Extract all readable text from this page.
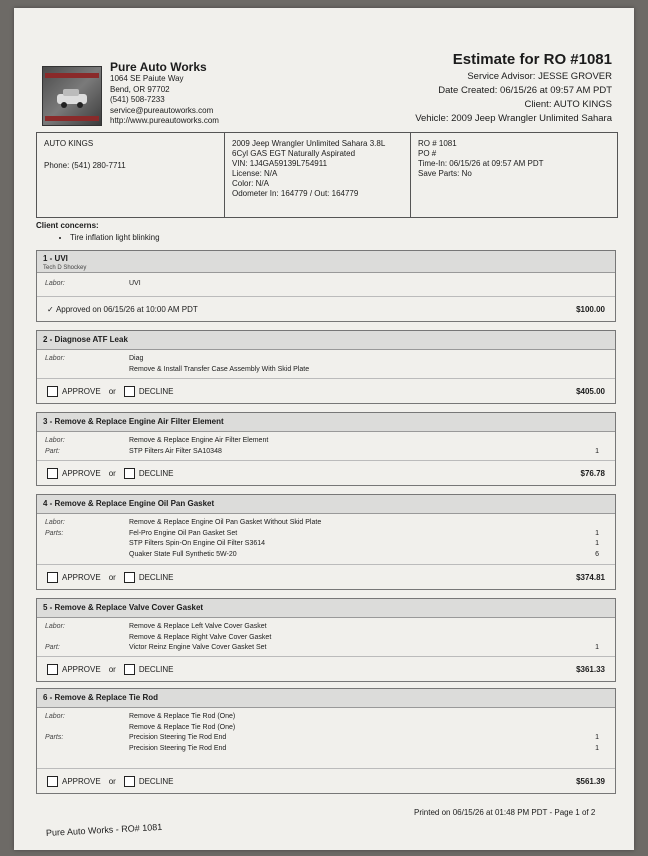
Pure Auto Works
1064 SE Paiute Way
Bend, OR 97702
(541) 508-7233
service@pureautoworks.com
http://www.pureautoworks.com
Estimate for RO #1081
Service Advisor: JESSE GROVER
Date Created: 06/15/26 at 09:57 AM PDT
Client: AUTO KINGS
Vehicle: 2009 Jeep Wrangler Unlimited Sahara
AUTO KINGS
Phone: (541) 280-7711
2009 Jeep Wrangler Unlimited Sahara 3.8L
6Cyl GAS EGT Naturally Aspirated
VIN: 1J4GA59139L754911
License: N/A
Color: N/A
Odometer In: 164779 / Out: 164779
RO # 1081
PO #
Time-In: 06/15/26 at 09:57 AM PDT
Save Parts: No
Client concerns:
• Tire inflation light blinking
1 - UVI
Tech D Shockey
Labor:	UVI
✓ Approved on 06/15/26 at 10:00 AM PDT	$100.00
2 - Diagnose ATF Leak
Labor:	Diag
Remove & Install Transfer Case Assembly With Skid Plate
APPROVE or	DECLINE	$405.00
3 - Remove & Replace Engine Air Filter Element
Labor:	Remove & Replace Engine Air Filter Element
Part:	STP Filters Air Filter SA10348	1
APPROVE or	DECLINE	$76.78
4 - Remove & Replace Engine Oil Pan Gasket
Labor:	Remove & Replace Engine Oil Pan Gasket Without Skid Plate
Parts:	Fel-Pro Engine Oil Pan Gasket Set	1
STP Filters Spin-On Engine Oil Filter S3614	1
Quaker State Full Synthetic 5W-20	6
APPROVE or	DECLINE	$374.81
5 - Remove & Replace Valve Cover Gasket
Labor:	Remove & Replace Left Valve Cover Gasket
Remove & Replace Right Valve Cover Gasket
Part:	Victor Reinz Engine Valve Cover Gasket Set	1
APPROVE or	DECLINE	$361.33
6 - Remove & Replace Tie Rod
Labor:	Remove & Replace Tie Rod (One)
Remove & Replace Tie Rod (One)
Parts:	Precision Steering Tie Rod End	1
Precision Steering Tie Rod End	1
APPROVE or	DECLINE	$561.39
Printed on 06/15/26 at 01:48 PM PDT - Page 1 of 2
Pure Auto Works - RO# 1081
